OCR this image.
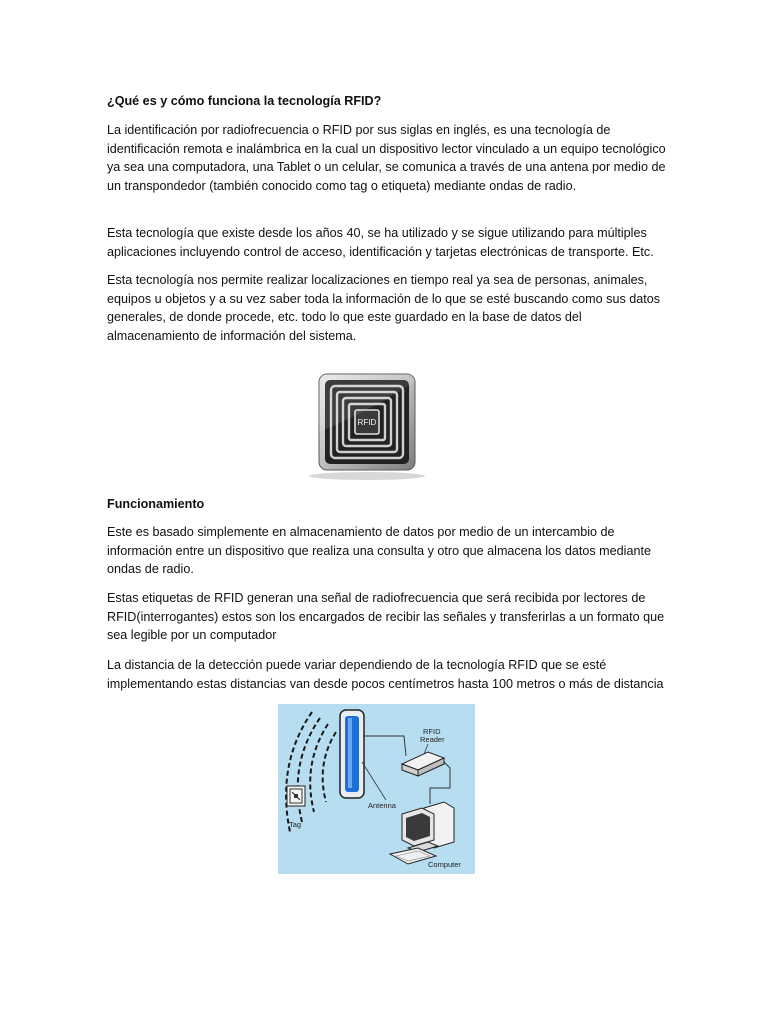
¿Qué es y cómo funciona la tecnología RFID?

La identificación por radiofrecuencia o RFID por sus siglas en inglés, es una tecnología de identificación remota e inalámbrica en la cual un dispositivo lector vinculado a un equipo tecnológico ya sea una computadora, una Tablet o un celular, se comunica a través de una antena por medio de un transpondedor (también conocido como tag o etiqueta) mediante ondas de radio.

Esta tecnología que existe desde los años 40, se ha utilizado y se sigue utilizando para múltiples aplicaciones incluyendo control de acceso, identificación y tarjetas electrónicas de transporte. Etc.

Esta tecnología nos permite realizar localizaciones en tiempo real ya sea de personas, animales, equipos u objetos y a su vez saber toda la información de lo que se esté buscando como sus datos generales, de donde procede, etc. todo lo que este guardado en la base de datos del almacenamiento de información del sistema.

RFID

Funcionamiento

Este es basado simplemente en almacenamiento de datos por medio de un intercambio de información entre un dispositivo que realiza una consulta y otro que almacena los datos mediante ondas de radio.

Estas etiquetas de RFID generan una señal de radiofrecuencia que será recibida por lectores de RFID(interrogantes) estos son los encargados de recibir las señales y transferirlas a un formato que sea legible por un computador

La distancia de la detección puede variar dependiendo de la tecnología RFID que se esté implementando estas distancias van desde pocos centímetros hasta 100 metros o más de distancia

Antenna
Tag
RFID
Reader
Computer
